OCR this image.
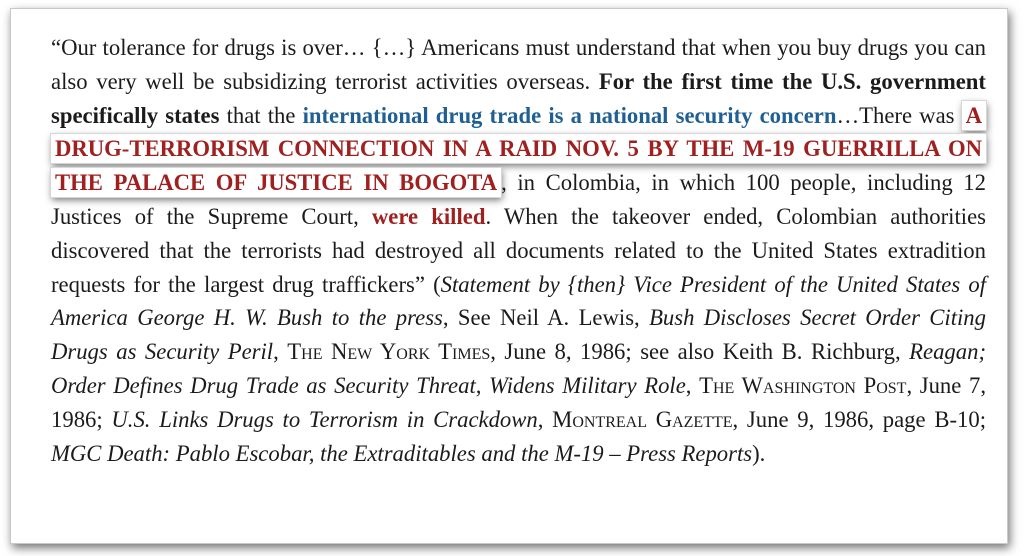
“Our tolerance for drugs is over… {…} Americans must understand that when you buy drugs you can also very well be subsidizing terrorist activities overseas. For the first time the U.S. government specifically states that the international drug trade is a national security concern…There was A DRUG-TERRORISM CONNECTION IN A RAID NOV. 5 BY THE M-19 GUERRILLA ON THE PALACE OF JUSTICE IN BOGOTA , in Colombia, in which 100 people, including 12 Justices of the Supreme Court, were killed. When the takeover ended, Colombian authorities discovered that the terrorists had destroyed all documents related to the United States extradition requests for the largest drug traffickers” (Statement by {then} Vice President of the United States of America George H. W. Bush to the press, See Neil A. Lewis, Bush Discloses Secret Order Citing Drugs as Security Peril, The New York Times, June 8, 1986; see also Keith B. Richburg, Reagan; Order Defines Drug Trade as Security Threat, Widens Military Role, The Washington Post, June 7, 1986; U.S. Links Drugs to Terrorism in Crackdown, Montreal Gazette, June 9, 1986, page B-10; MGC Death: Pablo Escobar, the Extraditables and the M-19 – Press Reports).
